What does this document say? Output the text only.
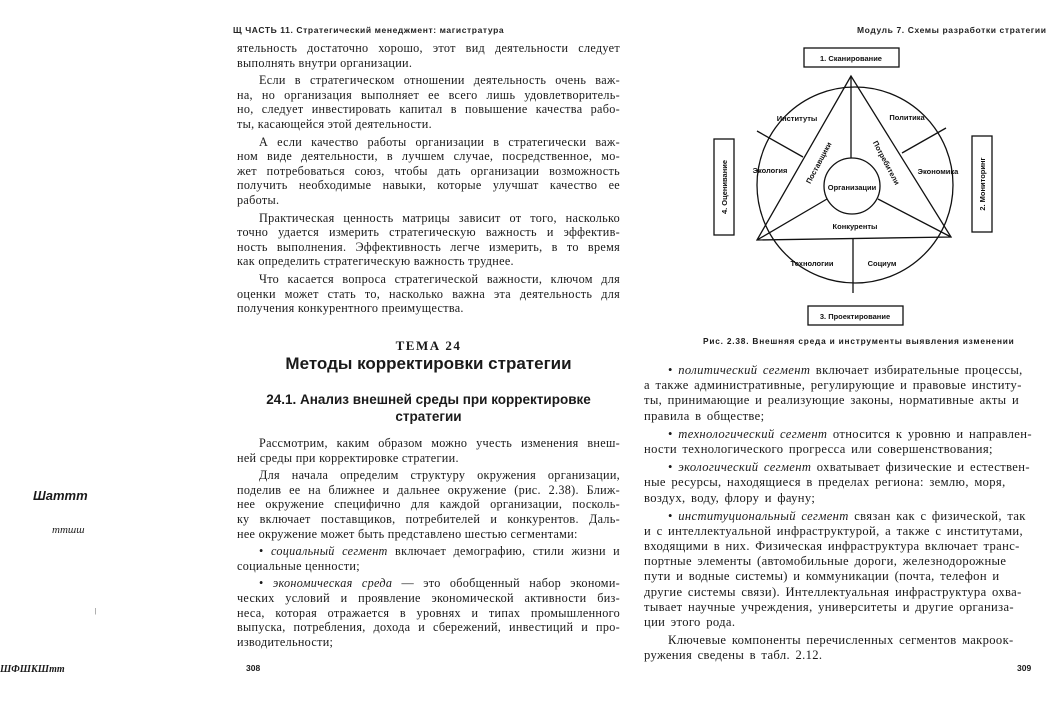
Щ ЧАСТЬ 11. Стратегический менеджмент: магистратура
ятельность достаточно хорошо, этот вид деятельности следует
выполнять внутри организации.
Если в стратегическом отношении деятельность очень важ-
на, но организация выполняет ее всего лишь удовлетворитель-
но, следует инвестировать капитал в повышение качества рабо-
ты, касающейся этой деятельности.
А если качество работы организации в стратегически важ-
ном виде деятельности, в лучшем случае, посредственное, мо-
жет потребоваться союз, чтобы дать организации возможность
получить необходимые навыки, которые улучшат качество ее
работы.
Практическая ценность матрицы зависит от того, насколько
точно удается измерить стратегическую важность и эффектив-
ность выполнения. Эффективность легче измерить, в то время
как определить стратегическую важность труднее.
Что касается вопроса стратегической важности, ключом для
оценки может стать то, насколько важна эта деятельность для
получения конкурентного преимущества.
ТЕМА 24
Методы корректировки стратегии
24.1. Анализ внешней среды при корректировке
стратегии
Рассмотрим, каким образом можно учесть изменения внеш-
ней среды при корректировке стратегии.
Для начала определим структуру окружения организации,
поделив ее на ближнее и дальнее окружение (рис. 2.38). Ближ-
нее окружение специфично для каждой организации, посколь-
ку включает поставщиков, потребителей и конкурентов. Даль-
нее окружение может быть представлено шестью сегментами:
• социальный сегмент включает демографию, стили жизни и
социальные ценности;
• экономическая среда — это обобщенный набор экономи-
ческих условий и проявление экономической активности биз-
неса, которая отражается в уровнях и типах промышленного
выпуска, потребления, дохода и сбережений, инвестиций и про-
изводительности;
308
Шаттт
ттшш
|
ШФШКШтт
Модуль 7. Схемы разработки стратегии
1. Сканирование
2. Мониторинг
3. Проектирование
4. Оценивание
Институты	Политика
Экология	Экономика
Технологии	Социум
Поставщики	Потребители
Конкуренты
Организации
Рис. 2.38. Внешняя среда и инструменты выявления изменении
• политический сегмент включает избирательные процессы,
а также административные, регулирующие и правовые институ-
ты, принимающие и реализующие законы, нормативные акты и
правила в обществе;
• технологический сегмент относится к уровню и направлен-
ности технологического прогресса или совершенствования;
• экологический сегмент охватывает физические и естествен-
ные ресурсы, находящиеся в пределах региона: землю, моря,
воздух, воду, флору и фауну;
• институциональный сегмент связан как с физической, так
и с интеллектуальной инфраструктурой, а также с институтами,
входящими в них. Физическая инфраструктура включает транс-
портные элементы (автомобильные дороги, железнодорожные
пути и водные системы) и коммуникации (почта, телефон и
другие системы связи). Интеллектуальная инфраструктура охва-
тывает научные учреждения, университеты и другие организа-
ции этого рода.
Ключевые компоненты перечисленных сегментов макроок-
ружения сведены в табл. 2.12.
309
